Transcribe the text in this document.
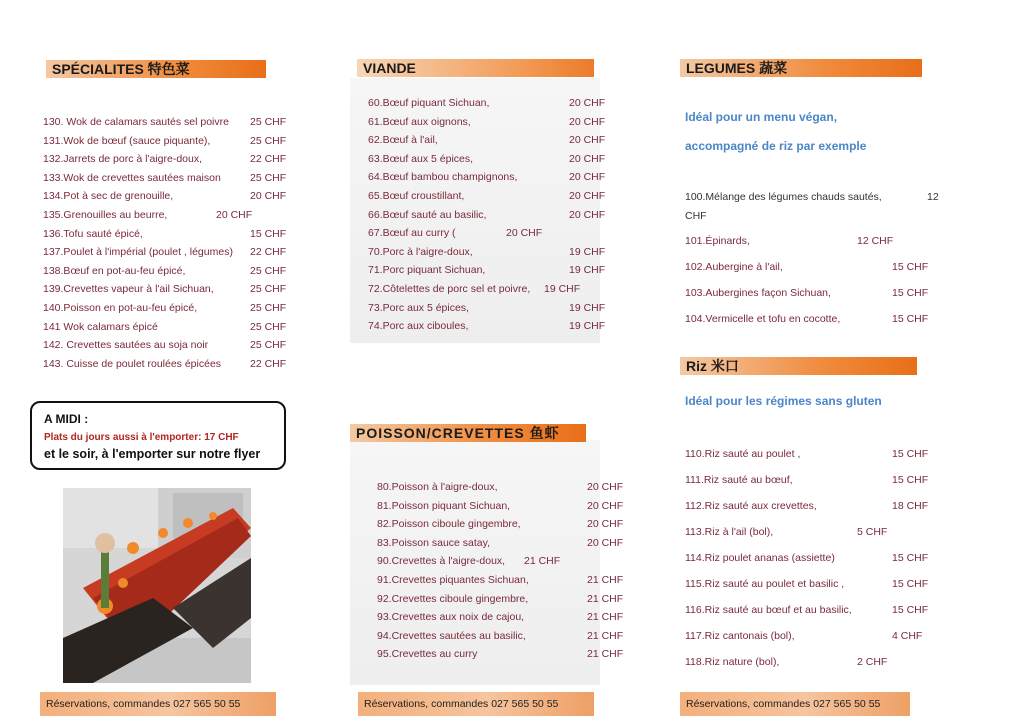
SPÉCIALITES 特色菜
130. Wok de calamars sautés sel poivre 25 CHF
131.Wok de bœuf (sauce piquante),	25 CHF
132.Jarrets de porc à l'aigre-doux,	22 CHF
133.Wok de crevettes sautées maison	25 CHF
134.Pot à sec de grenouille,	20 CHF
135.Grenouilles au beurre,	20 CHF
136.Tofu sauté épicé,	15 CHF
137.Poulet à l'impérial (poulet , légumes) 22 CHF
138.Bœuf en pot-au-feu épicé,	25 CHF
139.Crevettes vapeur à l'ail Sichuan,	25 CHF
140.Poisson en pot-au-feu épicé,	25 CHF
141 Wok calamars épicé	25 CHF
142. Crevettes sautées au soja noir	25 CHF
143. Cuisse de poulet roulées épicées	22 CHF
A MIDI :
Plats du jours aussi à l'emporter: 17 CHF
et le soir, à l'emporter sur notre flyer
Réservations, commandes 027 565 50 55
VIANDE
60.Bœuf piquant Sichuan,	20 CHF
61.Bœuf aux oignons,	20 CHF
62.Bœuf à l'ail,	20 CHF
63.Bœuf aux 5 épices,	20 CHF
64.Bœuf bambou champignons,	20 CHF
65.Bœuf croustillant,	20 CHF
66.Bœuf sauté au basilic,	20 CHF
67.Bœuf au curry (	20 CHF
70.Porc à l'aigre-doux,	19 CHF
71.Porc piquant Sichuan,	19 CHF
72.Côtelettes de porc sel et poivre, 19 CHF
73.Porc aux 5 épices,	19 CHF
74.Porc aux ciboules,	19 CHF
POISSON/CREVETTES 鱼虾
80.Poisson à l'aigre-doux,	20 CHF
81.Poisson piquant Sichuan,	20 CHF
82.Poisson ciboule gingembre,	20 CHF
83.Poisson sauce satay,	20 CHF
90.Crevettes à l'aigre-doux, 21 CHF
91.Crevettes piquantes Sichuan,	21 CHF
92.Crevettes ciboule gingembre,	21 CHF
93.Crevettes aux noix de cajou,	21 CHF
94.Crevettes sautées au basilic,	21 CHF
95.Crevettes au curry	21 CHF
Réservations, commandes 027 565 50 55
LEGUMES 蔬菜
Idéal pour un menu végan,
accompagné de riz par exemple
100.Mélange des légumes chauds sautés,	12
CHF
101.Épinards,	12 CHF
102.Aubergine à l'ail,	15 CHF
103.Aubergines façon Sichuan,	15 CHF
104.Vermicelle et tofu en cocotte,	15 CHF
Riz 米口
Idéal pour les régimes sans gluten
110.Riz sauté au poulet ,	15 CHF
111.Riz sauté au bœuf,	15 CHF
112.Riz sauté aux crevettes,	18 CHF
113.Riz à l'ail (bol),	5 CHF
114.Riz poulet ananas (assiette)	15 CHF
115.Riz sauté au poulet et basilic ,	15 CHF
116.Riz sauté au bœuf et au basilic,	15 CHF
117.Riz cantonais (bol),	4 CHF
118.Riz nature (bol),	2 CHF
Réservations, commandes 027 565 50 55
